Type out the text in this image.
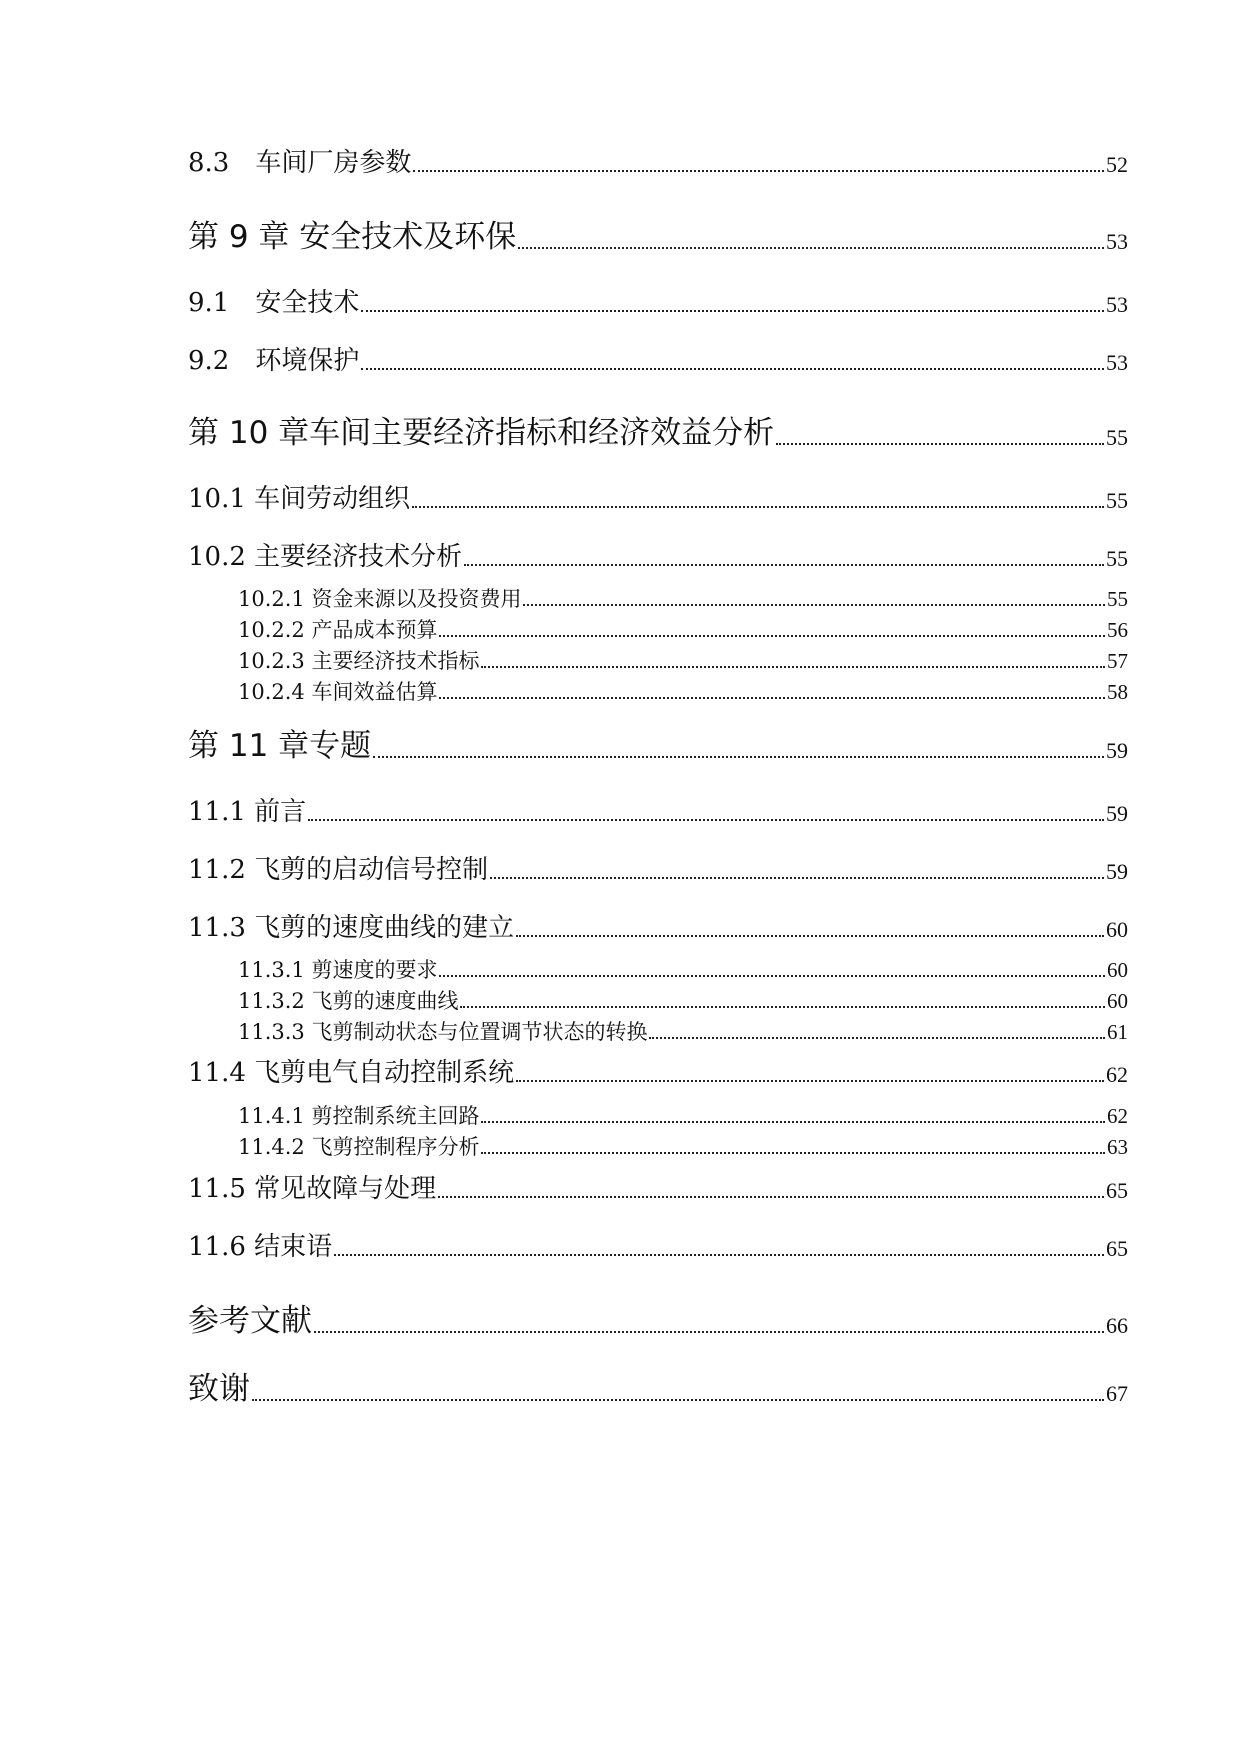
8.3　车间厂房参数	52
第 9 章 安全技术及环保	53
9.1　安全技术	53
9.2　环境保护	53
第 10 章车间主要经济指标和经济效益分析	55
10.1 车间劳动组织	55
10.2 主要经济技术分析	55
10.2.1 资金来源以及投资费用	55
10.2.2 产品成本预算	56
10.2.3 主要经济技术指标	57
10.2.4 车间效益估算	58
第 11 章专题	59
11.1 前言	59
11.2 飞剪的启动信号控制	59
11.3 飞剪的速度曲线的建立	60
11.3.1 剪速度的要求	60
11.3.2 飞剪的速度曲线	60
11.3.3 飞剪制动状态与位置调节状态的转换	61
11.4 飞剪电气自动控制系统	62
11.4.1 剪控制系统主回路	62
11.4.2 飞剪控制程序分析	63
11.5 常见故障与处理	65
11.6 结束语	65
参考文献	66
致谢	67
